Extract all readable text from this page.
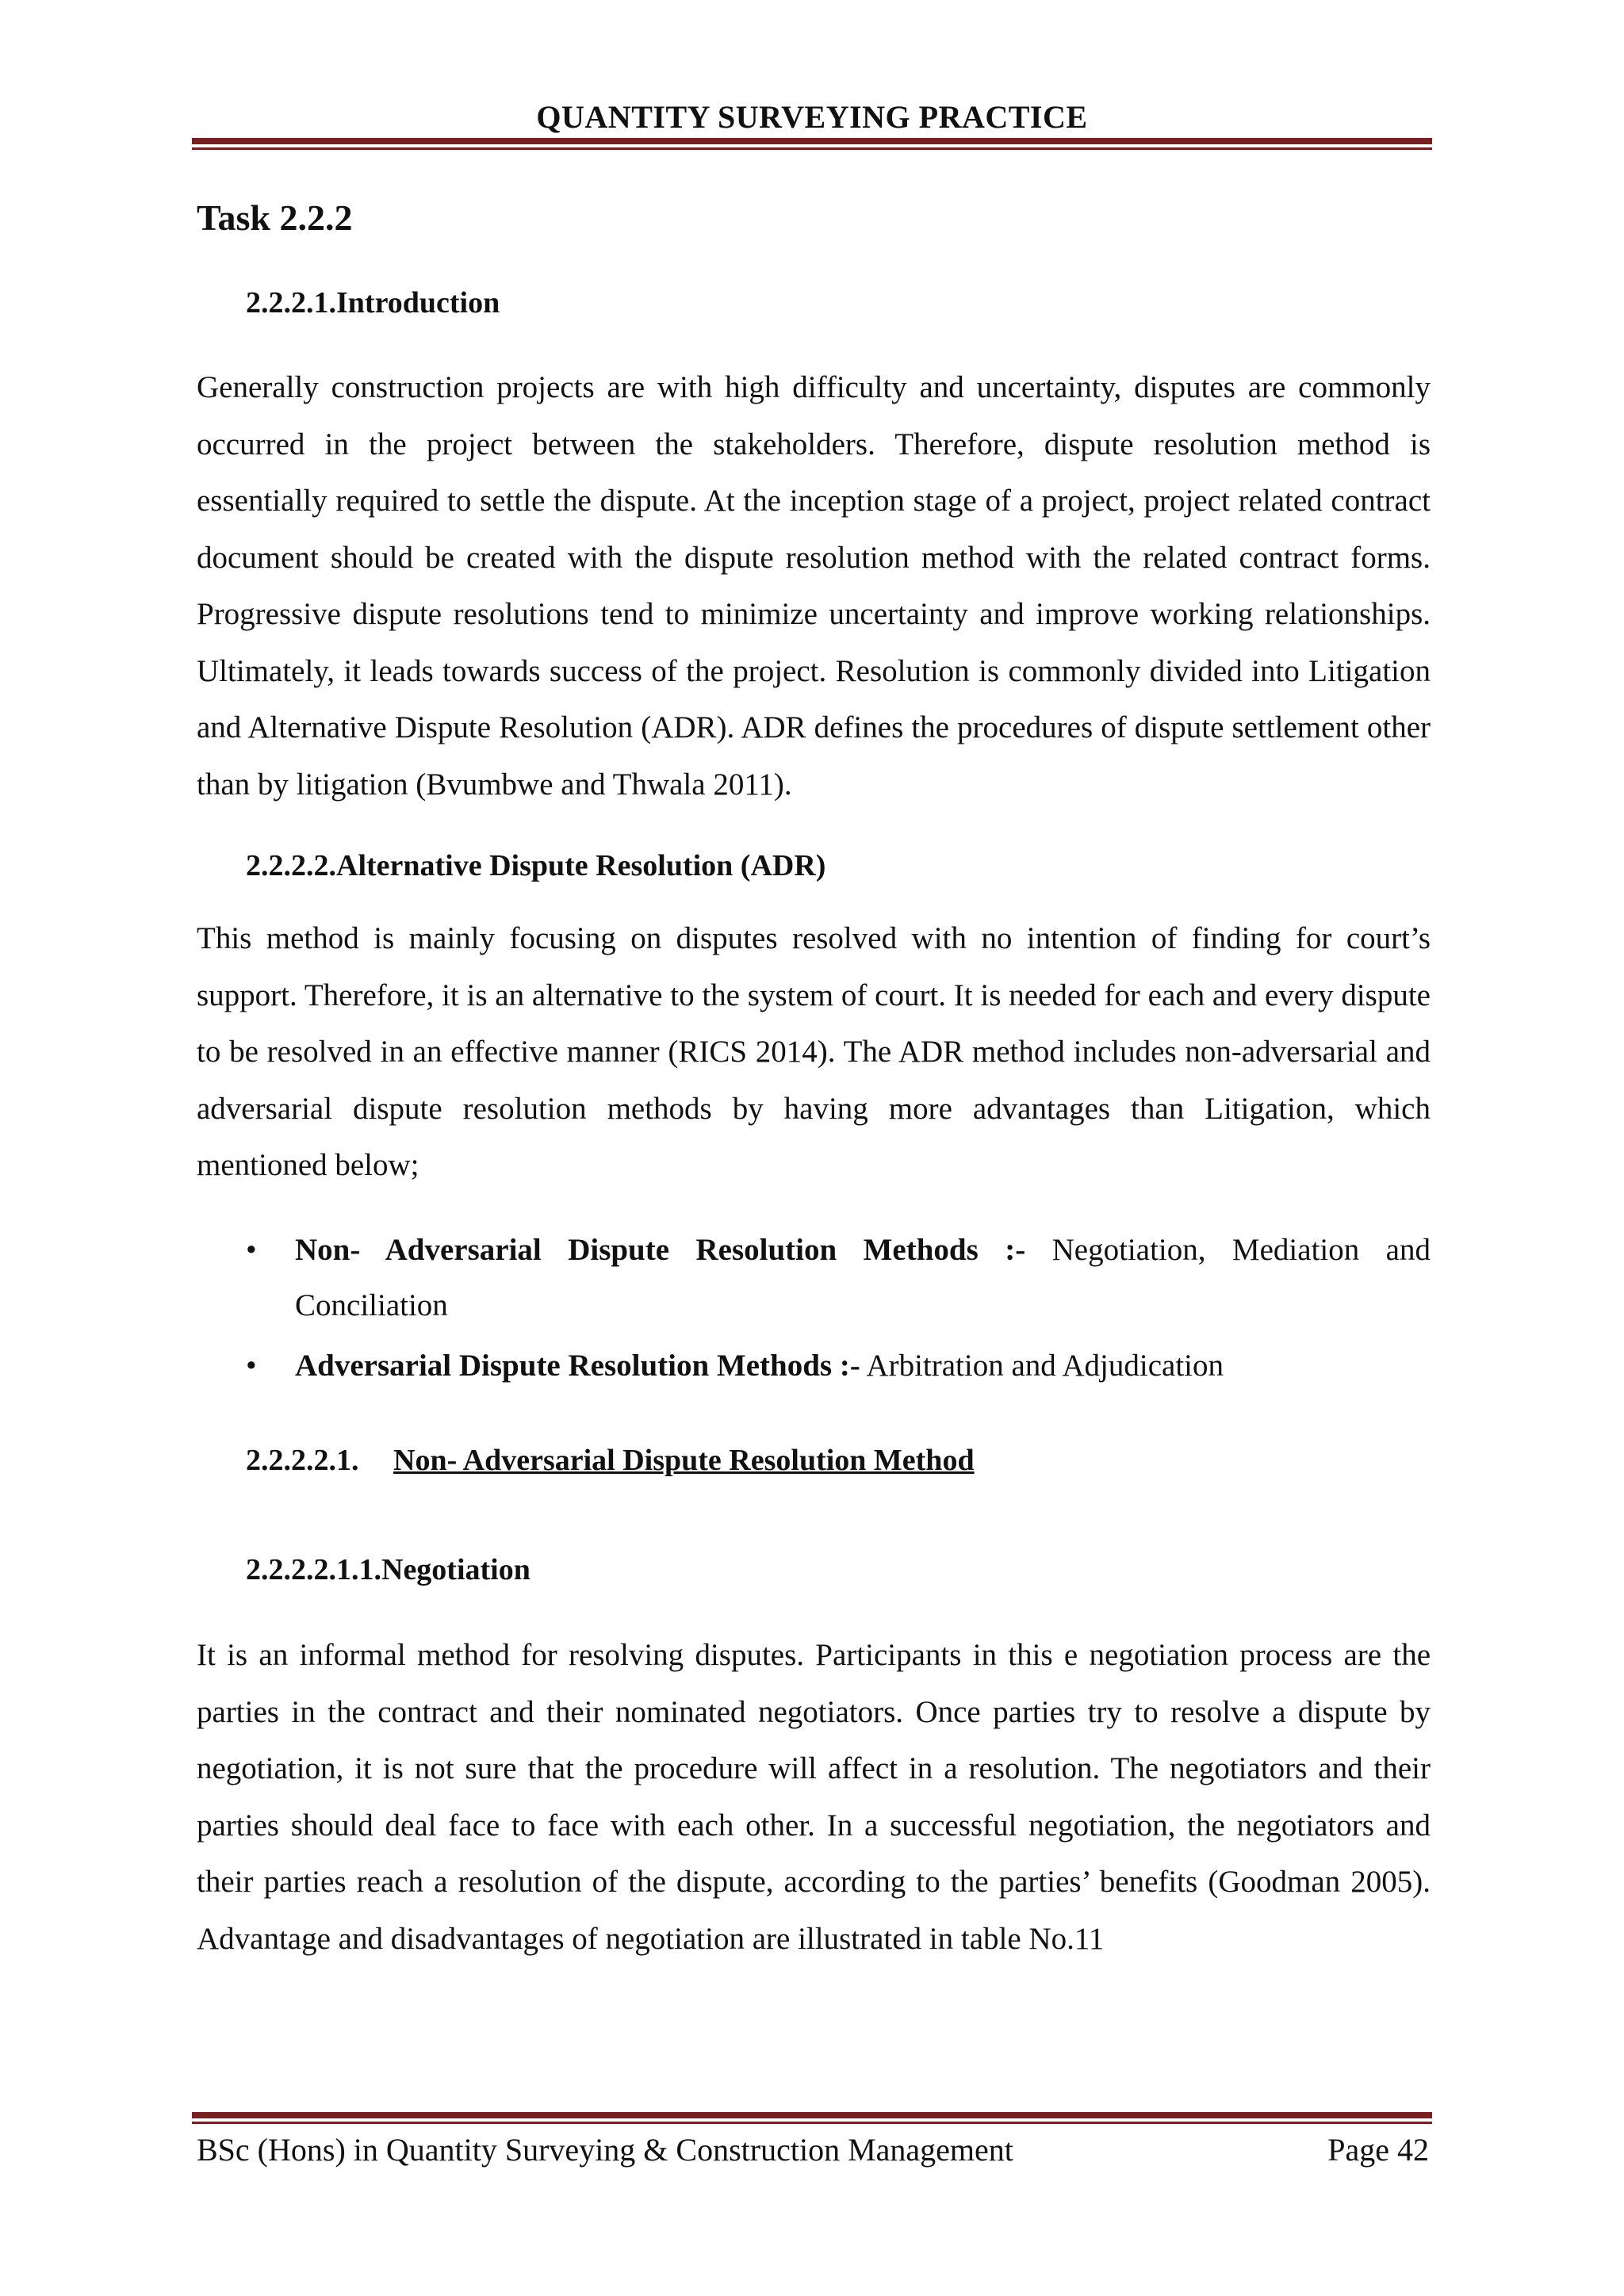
QUANTITY SURVEYING PRACTICE
Task 2.2.2
2.2.2.1.Introduction

Generally construction projects are with high difficulty and uncertainty, disputes are commonly occurred in the project between the stakeholders. Therefore, dispute resolution method is essentially required to settle the dispute. At the inception stage of a project, project related contract document should be created with the dispute resolution method with the related contract forms. Progressive dispute resolutions tend to minimize uncertainty and improve working relationships. Ultimately, it leads towards success of the project. Resolution is commonly divided into Litigation and Alternative Dispute Resolution (ADR). ADR defines the procedures of dispute settlement other than by litigation (Bvumbwe and Thwala 2011).

2.2.2.2.Alternative Dispute Resolution (ADR)

This method is mainly focusing on disputes resolved with no intention of finding for court’s support. Therefore, it is an alternative to the system of court. It is needed for each and every dispute to be resolved in an effective manner (RICS 2014). The ADR method includes non-adversarial and adversarial dispute resolution methods by having more advantages than Litigation, which mentioned below;

• Non- Adversarial Dispute Resolution Methods :- Negotiation, Mediation and Conciliation
• Adversarial Dispute Resolution Methods :- Arbitration and Adjudication
2.2.2.2.1. Non- Adversarial Dispute Resolution Method
2.2.2.2.1.1.Negotiation

It is an informal method for resolving disputes. Participants in this e negotiation process are the parties in the contract and their nominated negotiators. Once parties try to resolve a dispute by negotiation, it is not sure that the procedure will affect in a resolution. The negotiators and their parties should deal face to face with each other. In a successful negotiation, the negotiators and their parties reach a resolution of the dispute, according to the parties’ benefits (Goodman 2005). Advantage and disadvantages of negotiation are illustrated in table No.11

BSc (Hons) in Quantity Surveying & Construction Management	Page 42
